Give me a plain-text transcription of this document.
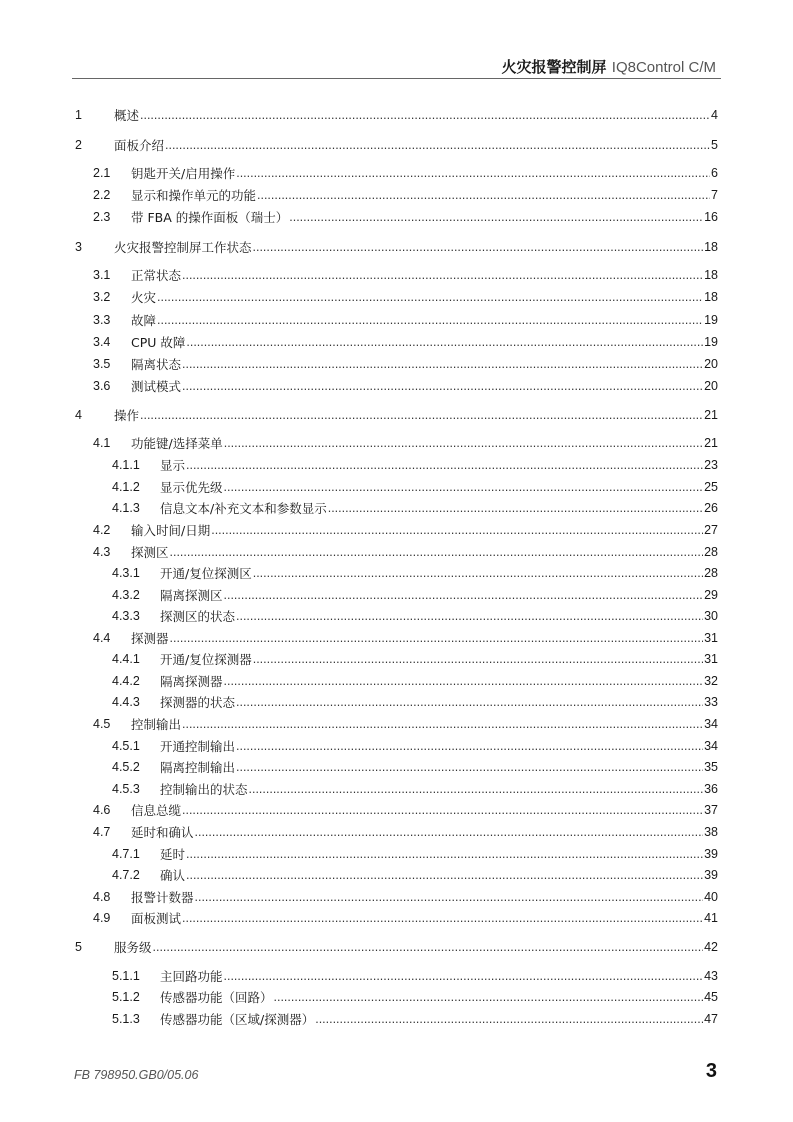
火灾报警控制屏 IQ8Control C/M
1	概述 .....	4
2	面板介绍 .....	5
2.1	钥匙开关/启用操作 .....	6
2.2	显示和操作单元的功能 .....	7
2.3	带 FBA 的操作面板（瑞士） .....	16
3	火灾报警控制屏工作状态 .....	18
3.1	正常状态 .....	18
3.2	火灾 .....	18
3.3	故障 .....	19
3.4	CPU 故障 .....	19
3.5	隔离状态 .....	20
3.6	测试模式 .....	20
4	操作 .....	21
4.1	功能键/选择菜单 .....	21
4.1.1	显示 .....	23
4.1.2	显示优先级 .....	25
4.1.3	信息文本/补充文本和参数显示 .....	26
4.2	输入时间/日期 .....	27
4.3	探测区 .....	28
4.3.1	开通/复位探测区 .....	28
4.3.2	隔离探测区 .....	29
4.3.3	探测区的状态 .....	30
4.4	探测器 .....	31
4.4.1	开通/复位探测器 .....	31
4.4.2	隔离探测器 .....	32
4.4.3	探测器的状态 .....	33
4.5	控制输出 .....	34
4.5.1	开通控制输出 .....	34
4.5.2	隔离控制输出 .....	35
4.5.3	控制输出的状态 .....	36
4.6	信息总缆 .....	37
4.7	延时和确认 .....	38
4.7.1	延时 .....	39
4.7.2	确认 .....	39
4.8	报警计数器 .....	40
4.9	面板测试 .....	41
5	服务级 .....	42
5.1.1	主回路功能 .....	43
5.1.2	传感器功能（回路） .....	45
5.1.3	传感器功能（区域/探测器） .....	47
FB 798950.GB0/05.06	3
